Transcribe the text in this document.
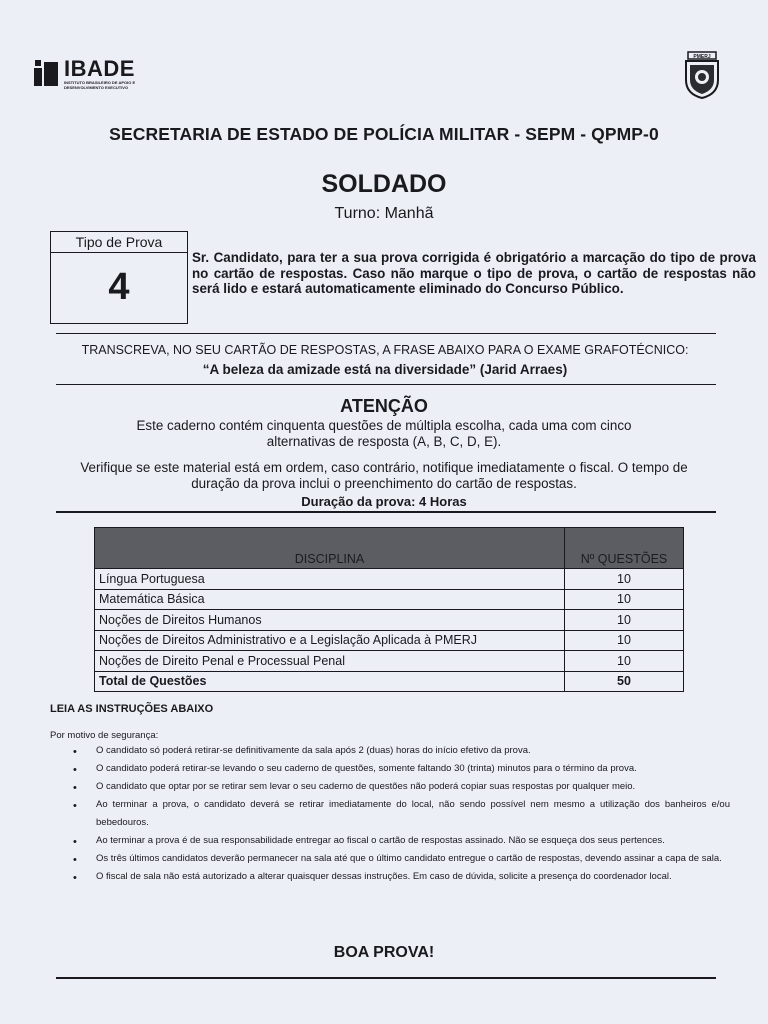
IBADE
INSTITUTO BRASILEIRO DE APOIO E DESENVOLVIMENTO EXECUTIVO
PMERJ
SECRETARIA DE ESTADO DE POLÍCIA MILITAR - SEPM - QPMP-0
SOLDADO
Turno: Manhã
Tipo de Prova
4
Sr. Candidato, para ter a sua prova corrigida é obrigatório a marcação do tipo de prova no cartão de respostas. Caso não marque o tipo de prova, o cartão de respostas não será lido e estará automaticamente eliminado do Concurso Público.
TRANSCREVA, NO SEU CARTÃO DE RESPOSTAS, A FRASE ABAIXO PARA O EXAME GRAFOTÉCNICO:
“A beleza da amizade está na diversidade” (Jarid Arraes)
ATENÇÃO
Este caderno contém cinquenta questões de múltipla escolha, cada uma com cinco alternativas de resposta (A, B, C, D, E).
Verifique se este material está em ordem, caso contrário, notifique imediatamente o fiscal. O tempo de duração da prova inclui o preenchimento do cartão de respostas.
Duração da prova: 4 Horas
DISCIPLINA	Nº QUESTÕES
Língua Portuguesa	10
Matemática Básica	10
Noções de Direitos Humanos	10
Noções de Direitos Administrativo e a Legislação Aplicada à PMERJ	10
Noções de Direito Penal e Processual Penal	10
Total de Questões	50
LEIA AS INSTRUÇÕES ABAIXO
Por motivo de segurança:
• O candidato só poderá retirar-se definitivamente da sala após 2 (duas) horas do início efetivo da prova.
• O candidato poderá retirar-se levando o seu caderno de questões, somente faltando 30 (trinta) minutos para o término da prova.
• O candidato que optar por se retirar sem levar o seu caderno de questões não poderá copiar suas respostas por qualquer meio.
• Ao terminar a prova, o candidato deverá se retirar imediatamente do local, não sendo possível nem mesmo a utilização dos banheiros e/ou bebedouros.
• Ao terminar a prova é de sua responsabilidade entregar ao fiscal o cartão de respostas assinado. Não se esqueça dos seus pertences.
• Os três últimos candidatos deverão permanecer na sala até que o último candidato entregue o cartão de respostas, devendo assinar a capa de sala.
• O fiscal de sala não está autorizado a alterar quaisquer dessas instruções. Em caso de dúvida, solicite a presença do coordenador local.
BOA PROVA!
